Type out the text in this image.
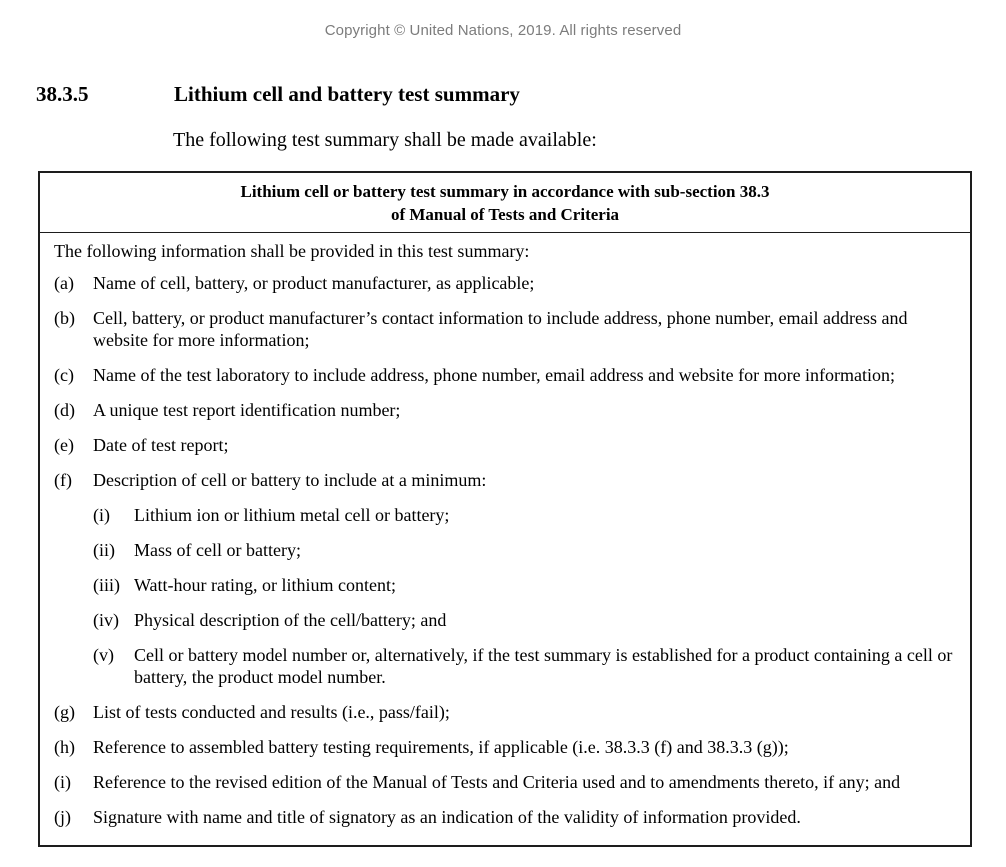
Copyright © United Nations, 2019. All rights reserved
38.3.5	Lithium cell and battery test summary
The following test summary shall be made available:
Lithium cell or battery test summary in accordance with sub-section 38.3
of Manual of Tests and Criteria

The following information shall be provided in this test summary:

(a)	Name of cell, battery, or product manufacturer, as applicable;
(b)	Cell, battery, or product manufacturer’s contact information to include address, phone number, email address and website for more information;
(c)	Name of the test laboratory to include address, phone number, email address and website for more information;
(d)	A unique test report identification number;
(e)	Date of test report;
(f)	Description of cell or battery to include at a minimum:
(i)	Lithium ion or lithium metal cell or battery;
(ii)	Mass of cell or battery;
(iii) Watt-hour rating, or lithium content;
(iv) Physical description of the cell/battery; and
(v)	Cell or battery model number or, alternatively, if the test summary is established for a product containing a cell or battery, the product model number.
(g)	List of tests conducted and results (i.e., pass/fail);
(h)	Reference to assembled battery testing requirements, if applicable (i.e. 38.3.3 (f) and 38.3.3 (g));
(i)	Reference to the revised edition of the Manual of Tests and Criteria used and to amendments thereto, if any; and
(j)	Signature with name and title of signatory as an indication of the validity of information provided.
